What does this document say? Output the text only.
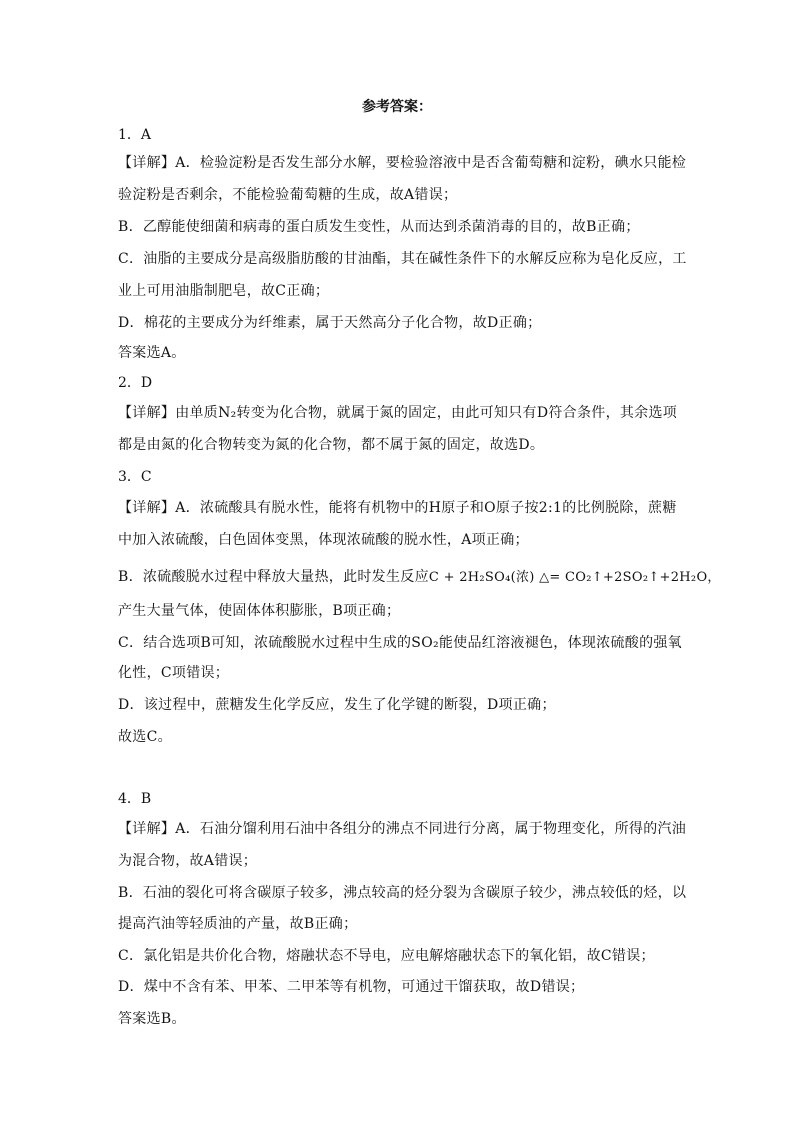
参考答案：
1．A
【详解】A．检验淀粉是否发生部分水解，要检验溶液中是否含葡萄糖和淀粉，碘水只能检
验淀粉是否剩余，不能检验葡萄糖的生成，故A错误；
B．乙醇能使细菌和病毒的蛋白质发生变性，从而达到杀菌消毒的目的，故B正确；
C．油脂的主要成分是高级脂肪酸的甘油酯，其在碱性条件下的水解反应称为皂化反应，工
业上可用油脂制肥皂，故C正确；
D．棉花的主要成分为纤维素，属于天然高分子化合物，故D正确；
答案选A。
2．D
【详解】由单质N₂转变为化合物，就属于氮的固定，由此可知只有D符合条件，其余选项
都是由氮的化合物转变为氮的化合物，都不属于氮的固定，故选D。
3．C
【详解】A．浓硫酸具有脱水性，能将有机物中的H原子和O原子按2:1的比例脱除，蔗糖
中加入浓硫酸，白色固体变黑，体现浓硫酸的脱水性，A项正确；
B．浓硫酸脱水过程中释放大量热，此时发生反应C + 2H₂SO₄(浓) △= CO₂↑+2SO₂↑+2H₂O，
产生大量气体，使固体体积膨胀，B项正确；
C．结合选项B可知，浓硫酸脱水过程中生成的SO₂能使品红溶液褪色，体现浓硫酸的强氧
化性，C项错误；
D．该过程中，蔗糖发生化学反应，发生了化学键的断裂，D项正确；
故选C。
4．B
【详解】A．石油分馏利用石油中各组分的沸点不同进行分离，属于物理变化，所得的汽油
为混合物，故A错误；
B．石油的裂化可将含碳原子较多，沸点较高的烃分裂为含碳原子较少，沸点较低的烃，以
提高汽油等轻质油的产量，故B正确；
C．氯化铝是共价化合物，熔融状态不导电，应电解熔融状态下的氧化铝，故C错误；
D．煤中不含有苯、甲苯、二甲苯等有机物，可通过干馏获取，故D错误；
答案选B。
